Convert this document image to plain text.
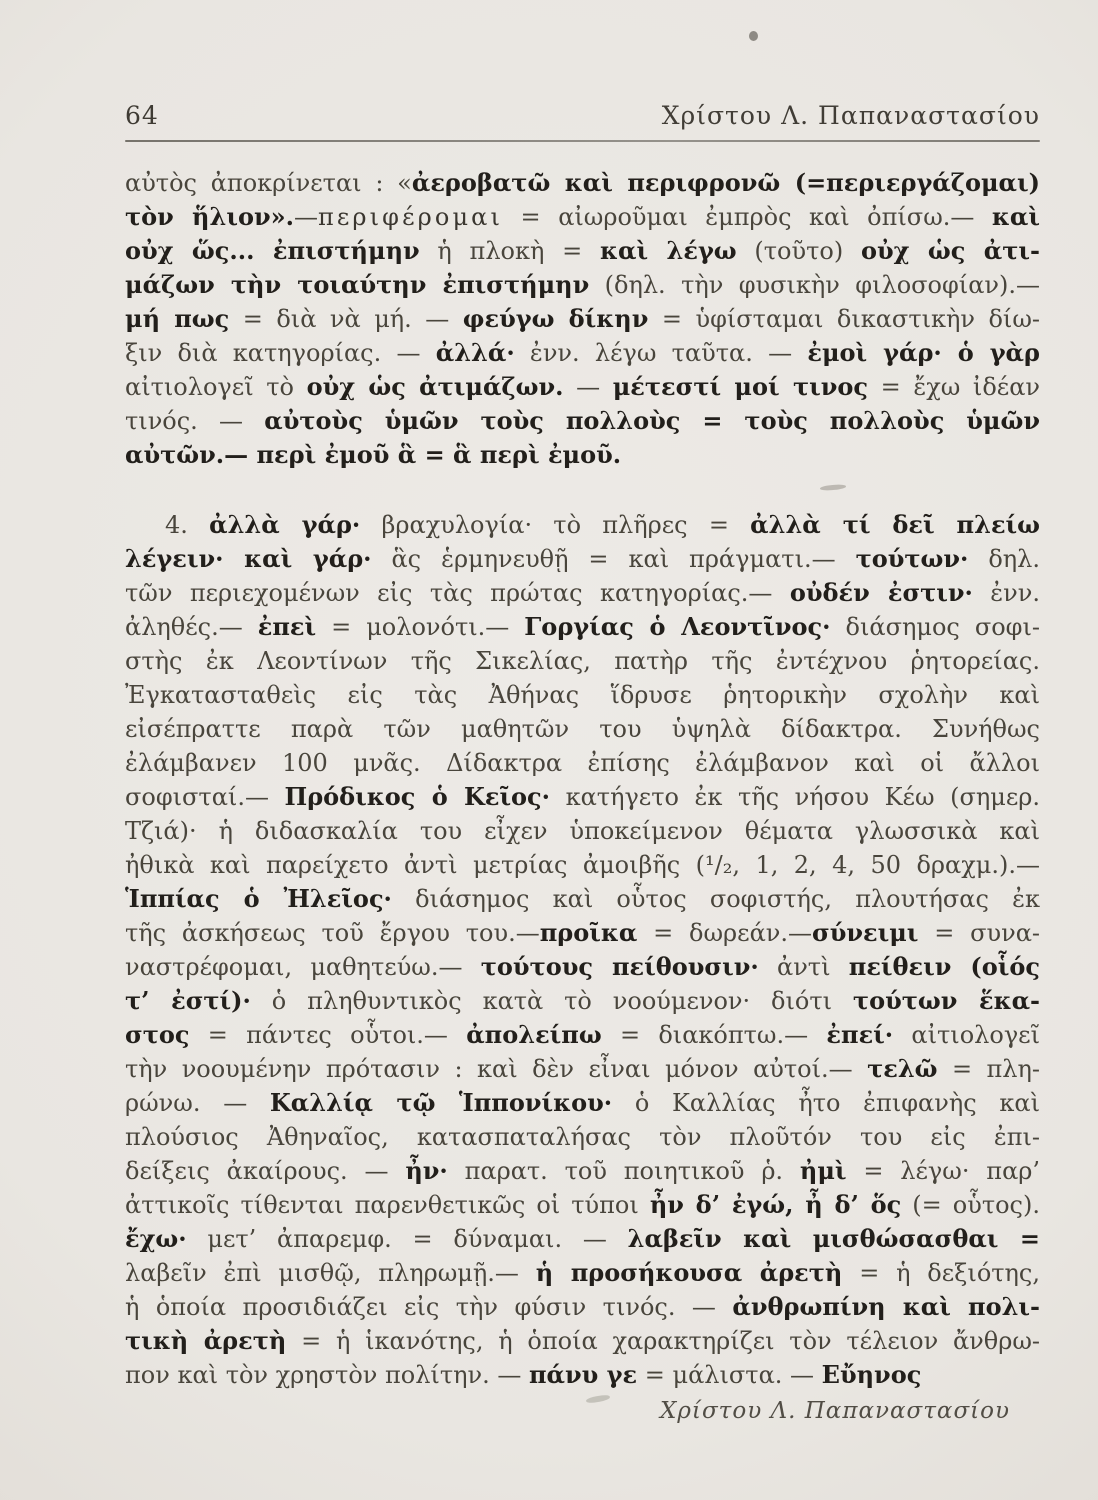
64	Χρίστου Λ. Παπαναστασίου
αὐτὸς ἀποκρίνεται : «ἀεροβατῶ καὶ περιφρονῶ (=περιεργάζομαι)
τὸν ἥλιον».—περιφέρομαι = αἰωροῦμαι ἐμπρὸς καὶ ὀπίσω.— καὶ
οὐχ ὥς... ἐπιστήμην ἡ πλοκὴ = καὶ λέγω (τοῦτο) οὐχ ὡς ἀτι-
μάζων τὴν τοιαύτην ἐπιστήμην (δηλ. τὴν φυσικὴν φιλοσοφίαν).—
μή πως = διὰ νὰ μή. — φεύγω δίκην = ὑφίσταμαι δικαστικὴν δίω-
ξιν διὰ κατηγορίας. — ἀλλά· ἐνν. λέγω ταῦτα. — ἐμοὶ γάρ· ὁ γὰρ
αἰτιολογεῖ τὸ οὐχ ὡς ἀτιμάζων. — μέτεστί μοί τινος = ἔχω ἰδέαν
τινός. — αὐτοὺς ὑμῶν τοὺς πολλοὺς = τοὺς πολλοὺς ὑμῶν
αὐτῶν.— περὶ ἐμοῦ ἃ = ἃ περὶ ἐμοῦ.
4. ἀλλὰ γάρ· βραχυλογία· τὸ πλῆρες = ἀλλὰ τί δεῖ πλείω
λέγειν· καὶ γάρ· ἃς ἑρμηνευθῇ = καὶ πράγματι.— τούτων· δηλ.
τῶν περιεχομένων εἰς τὰς πρώτας κατηγορίας.— οὐδέν ἐστιν· ἐνν.
ἀληθές.— ἐπεὶ = μολονότι.— Γοργίας ὁ Λεοντῖνος· διάσημος σοφι-
στὴς ἐκ Λεοντίνων τῆς Σικελίας, πατὴρ τῆς ἐντέχνου ῥητορείας.
Ἐγκατασταθεὶς εἰς τὰς Ἀθήνας ἵδρυσε ῥητορικὴν σχολὴν καὶ
εἰσέπραττε παρὰ τῶν μαθητῶν του ὑψηλὰ δίδακτρα. Συνήθως
ἐλάμβανεν 100 μνᾶς. Δίδακτρα ἐπίσης ἐλάμβανον καὶ οἱ ἄλλοι
σοφισταί.— Πρόδικος ὁ Κεῖος· κατήγετο ἐκ τῆς νήσου Κέω (σημερ.
Τζιά)· ἡ διδασκαλία του εἶχεν ὑποκείμενον θέματα γλωσσικὰ καὶ
ἠθικὰ καὶ παρείχετο ἀντὶ μετρίας ἀμοιβῆς (¹/₂, 1, 2, 4, 50 δραχμ.).—
Ἱππίας ὁ Ἠλεῖος· διάσημος καὶ οὗτος σοφιστής, πλουτήσας ἐκ
τῆς ἀσκήσεως τοῦ ἔργου του.—προῖκα = δωρεάν.—σύνειμι = συνα-
ναστρέφομαι, μαθητεύω.— τούτους πείθουσιν· ἀντὶ πείθειν (οἷός
τ’ ἐστί)· ὁ πληθυντικὸς κατὰ τὸ νοούμενον· διότι τούτων ἕκα-
στος = πάντες οὗτοι.— ἀπολείπω = διακόπτω.— ἐπεί· αἰτιολογεῖ
τὴν νοουμένην πρότασιν : καὶ δὲν εἶναι μόνον αὐτοί.— τελῶ = πλη-
ρώνω. — Καλλίᾳ τῷ Ἱππονίκου· ὁ Καλλίας ἦτο ἐπιφανὴς καὶ
πλούσιος Ἀθηναῖος, κατασπαταλήσας τὸν πλοῦτόν του εἰς ἐπι-
δείξεις ἀκαίρους. — ἦν· παρατ. τοῦ ποιητικοῦ ῥ. ἠμὶ = λέγω· παρ’
ἀττικοῖς τίθενται παρενθετικῶς οἱ τύποι ἦν δ’ ἐγώ, ἦ δ’ ὅς (= οὗτος).
ἔχω· μετ’ ἀπαρεμφ. = δύναμαι. — λαβεῖν καὶ μισθώσασθαι =
λαβεῖν ἐπὶ μισθῷ, πληρωμῇ.— ἡ προσήκουσα ἀρετὴ = ἡ δεξιότης,
ἡ ὁποία προσιδιάζει εἰς τὴν φύσιν τινός. — ἀνθρωπίνη καὶ πολι-
τικὴ ἀρετὴ = ἡ ἱκανότης, ἡ ὁποία χαρακτηρίζει τὸν τέλειον ἄνθρω-
πον καὶ τὸν χρηστὸν πολίτην. — πάνυ γε = μάλιστα. — Εὔηνος
Χρίστου Λ. Παπαναστασίου
